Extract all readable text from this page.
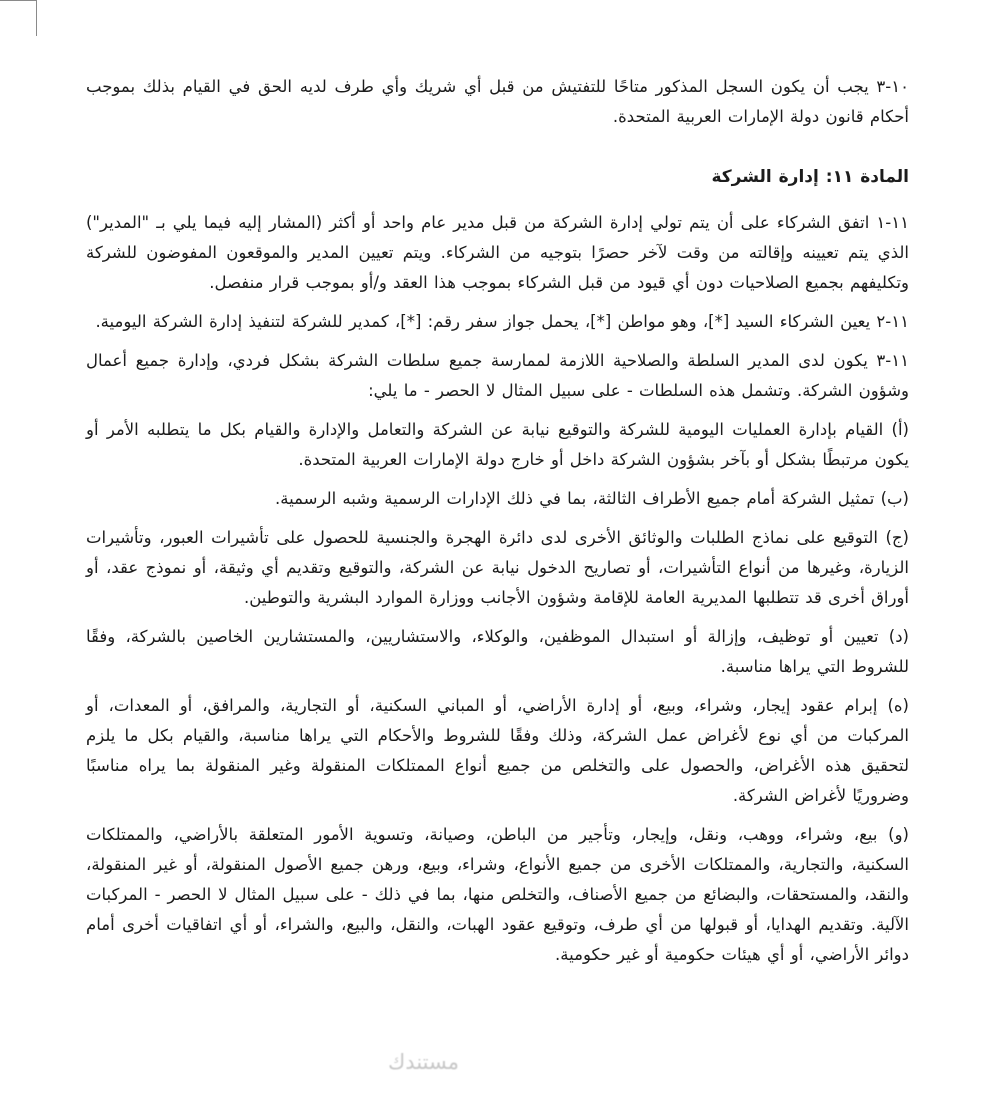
١٠-٣ يجب أن يكون السجل المذكور متاحًا للتفتيش من قبل أي شريك وأي طرف لديه الحق في القيام بذلك بموجب أحكام قانون دولة الإمارات العربية المتحدة.

المادة ١١: إدارة الشركة

١١-١ اتفق الشركاء على أن يتم تولي إدارة الشركة من قبل مدير عام واحد أو أكثر (المشار إليه فيما يلي بـ "المدير") الذي يتم تعيينه وإقالته من وقت لآخر حصرًا بتوجيه من الشركاء. ويتم تعيين المدير والموقعون المفوضون للشركة وتكليفهم بجميع الصلاحيات دون أي قيود من قبل الشركاء بموجب هذا العقد و/أو بموجب قرار منفصل.

١١-٢ يعين الشركاء السيد [*]، وهو مواطن [*]، يحمل جواز سفر رقم: [*]، كمدير للشركة لتنفيذ إدارة الشركة اليومية.

١١-٣ يكون لدى المدير السلطة والصلاحية اللازمة لممارسة جميع سلطات الشركة بشكل فردي، وإدارة جميع أعمال وشؤون الشركة. وتشمل هذه السلطات - على سبيل المثال لا الحصر - ما يلي:

(أ) القيام بإدارة العمليات اليومية للشركة والتوقيع نيابة عن الشركة والتعامل والإدارة والقيام بكل ما يتطلبه الأمر أو يكون مرتبطًا بشكل أو بآخر بشؤون الشركة داخل أو خارج دولة الإمارات العربية المتحدة.

(ب) تمثيل الشركة أمام جميع الأطراف الثالثة، بما في ذلك الإدارات الرسمية وشبه الرسمية.

(ج) التوقيع على نماذج الطلبات والوثائق الأخرى لدى دائرة الهجرة والجنسية للحصول على تأشيرات العبور، وتأشيرات الزيارة، وغيرها من أنواع التأشيرات، أو تصاريح الدخول نيابة عن الشركة، والتوقيع وتقديم أي وثيقة، أو نموذج عقد، أو أوراق أخرى قد تتطلبها المديرية العامة للإقامة وشؤون الأجانب ووزارة الموارد البشرية والتوطين.

(د) تعيين أو توظيف، وإزالة أو استبدال الموظفين، والوكلاء، والاستشاريين، والمستشارين الخاصين بالشركة، وفقًا للشروط التي يراها مناسبة.

(ه) إبرام عقود إيجار، وشراء، وبيع، أو إدارة الأراضي، أو المباني السكنية، أو التجارية، والمرافق، أو المعدات، أو المركبات من أي نوع لأغراض عمل الشركة، وذلك وفقًا للشروط والأحكام التي يراها مناسبة، والقيام بكل ما يلزم لتحقيق هذه الأغراض، والحصول على والتخلص من جميع أنواع الممتلكات المنقولة وغير المنقولة بما يراه مناسبًا وضروريًا لأغراض الشركة.

(و) بيع، وشراء، ووهب، ونقل، وإيجار، وتأجير من الباطن، وصيانة، وتسوية الأمور المتعلقة بالأراضي، والممتلكات السكنية، والتجارية، والممتلكات الأخرى من جميع الأنواع، وشراء، وبيع، ورهن جميع الأصول المنقولة، أو غير المنقولة، والنقد، والمستحقات، والبضائع من جميع الأصناف، والتخلص منها، بما في ذلك - على سبيل المثال لا الحصر - المركبات الآلية. وتقديم الهدايا، أو قبولها من أي طرف، وتوقيع عقود الهبات، والنقل، والبيع، والشراء، أو أي اتفاقيات أخرى أمام دوائر الأراضي، أو أي هيئات حكومية أو غير حكومية.

مستندك
